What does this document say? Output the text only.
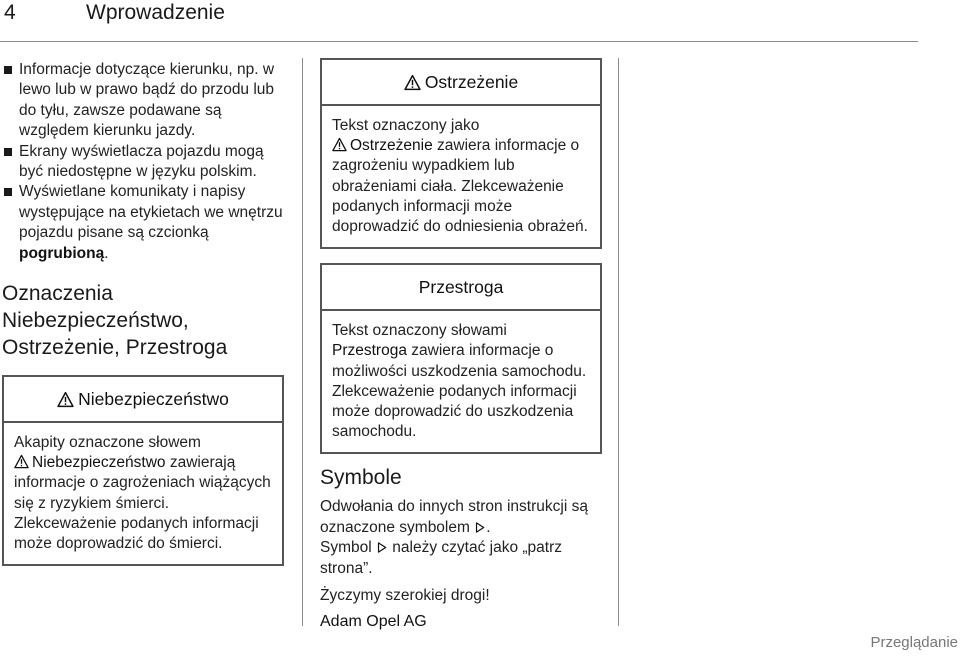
4	Wprowadzenie
Informacje dotyczące kierunku, np. w lewo lub w prawo bądź do przodu lub do tyłu, zawsze podawane są względem kierunku jazdy.
Ekrany wyświetlacza pojazdu mogą być niedostępne w języku polskim.
Wyświetlane komunikaty i napisy występujące na etykietach we wnętrzu pojazdu pisane są czcionką pogrubioną.
Oznaczenia
Niebezpieczeństwo,
Ostrzeżenie, Przestroga
Niebezpieczeństwo
Akapity oznaczone słowem
Niebezpieczeństwo zawierają informacje o zagrożeniach wiążących się z ryzykiem śmierci. Zlekceważenie podanych informacji może doprowadzić do śmierci.
Ostrzeżenie
Tekst oznaczony jako
Ostrzeżenie zawiera informacje o zagrożeniu wypadkiem lub obrażeniami ciała. Zlekceważenie podanych informacji może doprowadzić do odniesienia obrażeń.
Przestroga
Tekst oznaczony słowami
Przestroga zawiera informacje o możliwości uszkodzenia samochodu. Zlekceważenie podanych informacji może doprowadzić do uszkodzenia samochodu.
Symbole

Odwołania do innych stron instrukcji są oznaczone symbolem .

Symbol  należy czytać jako „patrz strona”.

Życzymy szerokiej drogi!

Adam Opel AG

Przeglądanie
